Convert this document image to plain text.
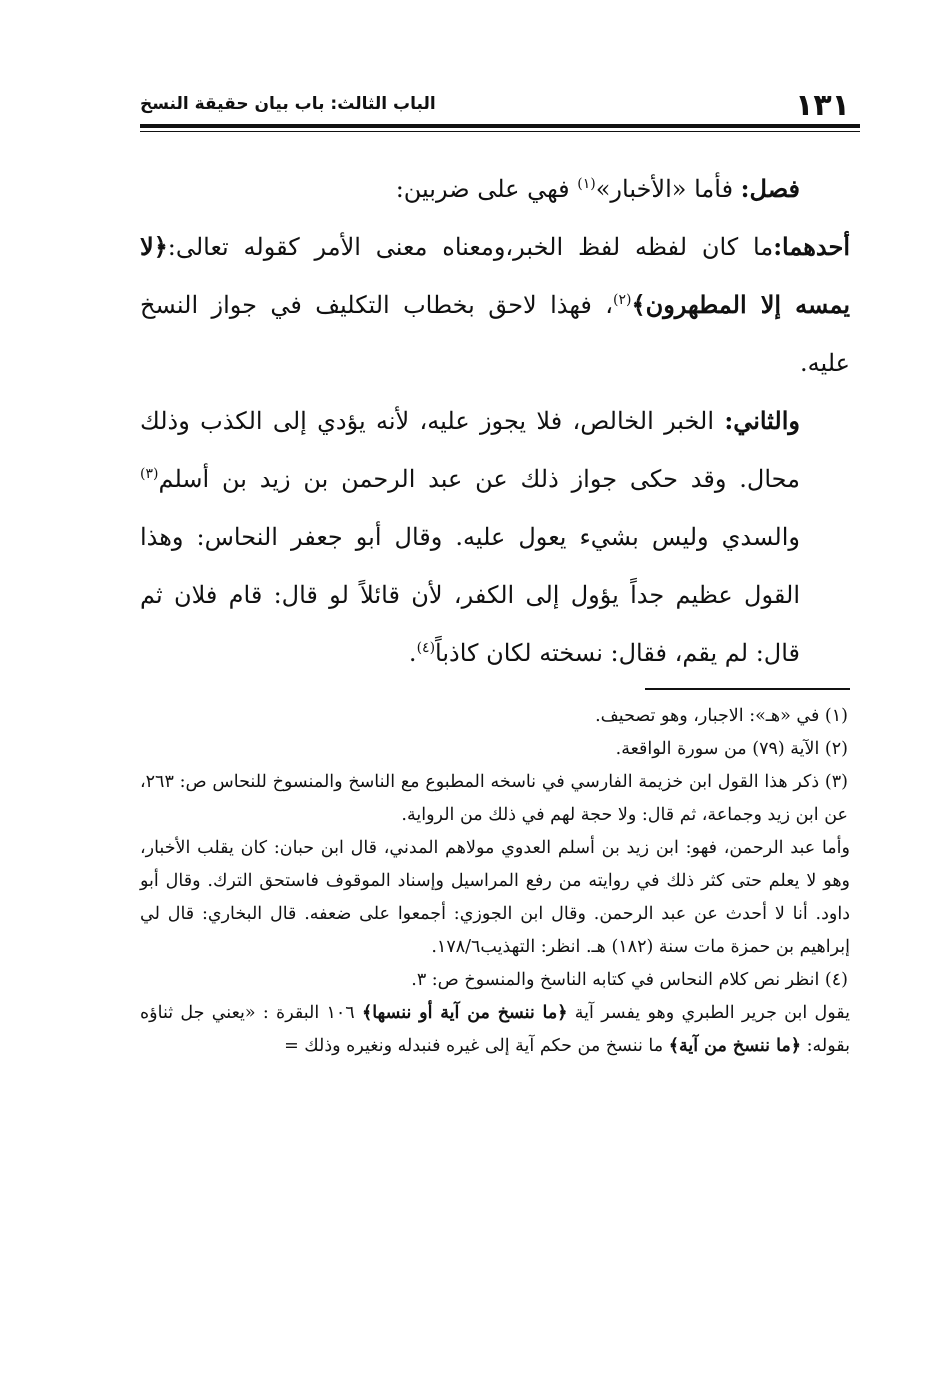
١٣١
الباب الثالث: باب بيان حقيقة النسخ

فصل: فأما «الأخبار»$^{(١)}$ فهي على ضربين:

أحدهما:ما كان لفظه لفظ الخبر،ومعناه معنى الأمر كقوله تعالى:﴿لا يمسه إلا المطهرون﴾$^{(٢)}$، فهذا لاحق بخطاب التكليف في جواز النسخ عليه.

والثاني: الخبر الخالص، فلا يجوز عليه، لأنه يؤدي إلى الكذب وذلك محال. وقد حكى جواز ذلك عن عبد الرحمن بن زيد بن أسلم$^{(٣)}$ والسدي وليس بشيء يعول عليه. وقال أبو جعفر النحاس: وهذا القول عظيم جداً يؤول إلى الكفر، لأن قائلاً لو قال: قام فلان ثم قال: لم يقم، فقال: نسخته لكان كاذباً$^{(٤)}$.

(١) في «هـ»: الاجبار، وهو تصحيف.

(٢) الآية (٧٩) من سورة الواقعة.

(٣) ذكر هذا القول ابن خزيمة الفارسي في ناسخه المطبوع مع الناسخ والمنسوخ للنحاس ص: ٢٦٣، عن ابن زيد وجماعة، ثم قال: ولا حجة لهم في ذلك من الرواية.

وأما عبد الرحمن، فهو: ابن زيد بن أسلم العدوي مولاهم المدني، قال ابن حبان: كان يقلب الأخبار، وهو لا يعلم حتى كثر ذلك في روايته من رفع المراسيل وإسناد الموقوف فاستحق الترك. وقال أبو داود. أنا لا أحدث عن عبد الرحمن. وقال ابن الجوزي: أجمعوا على ضعفه. قال البخاري: قال لي إبراهيم بن حمزة مات سنة (١٨٢) هـ. انظر: التهذيب١٧٨/٦.

(٤) انظر نص كلام النحاس في كتابه الناسخ والمنسوخ ص: ٣.

يقول ابن جرير الطبري وهو يفسر آية ﴿ما ننسخ من آية أو ننسها﴾ ١٠٦ البقرة : «يعني جل ثناؤه بقوله: ﴿ما ننسخ من آية﴾ ما ننسخ من حكم آية إلى غيره فنبدله ونغيره وذلك =
